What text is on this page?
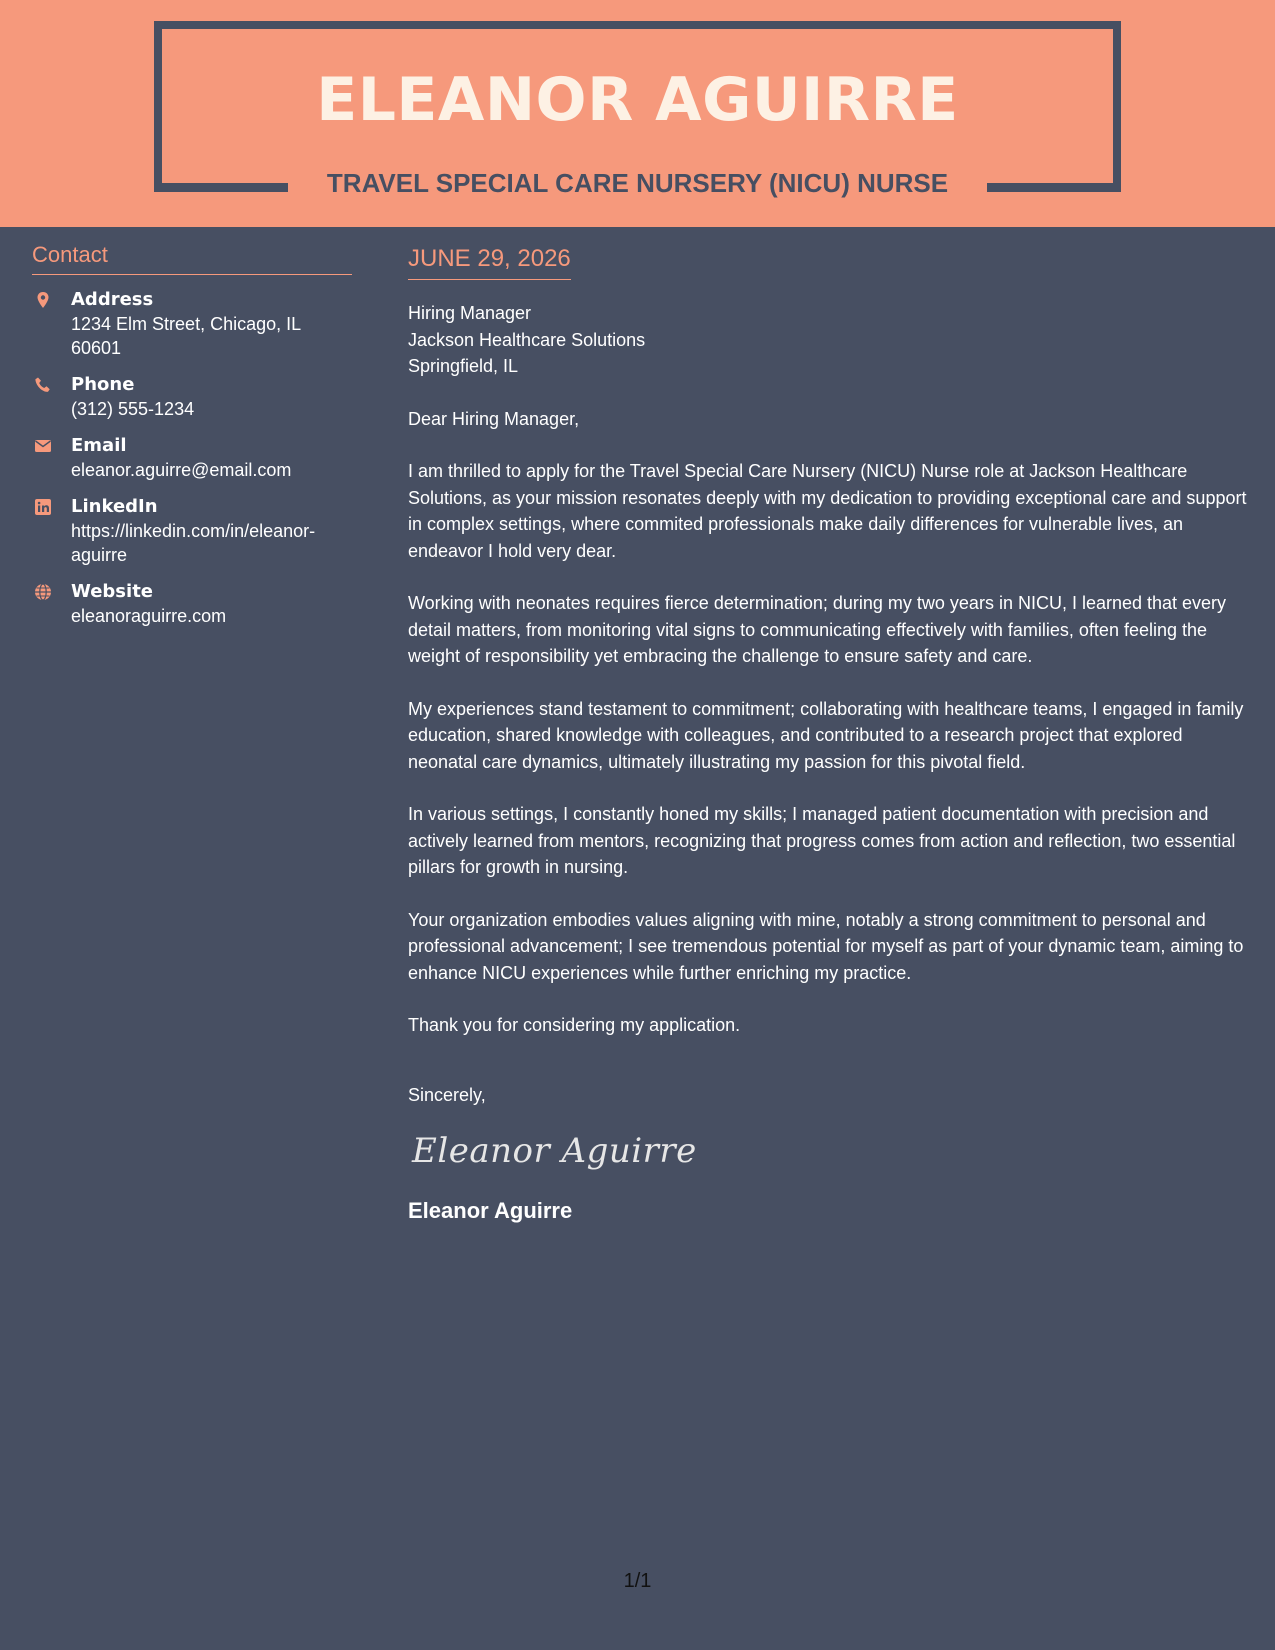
ELEANOR AGUIRRE
TRAVEL SPECIAL CARE NURSERY (NICU) NURSE
Contact
Address
1234 Elm Street, Chicago, IL 60601
Phone
(312) 555-1234
Email
eleanor.aguirre@email.com
LinkedIn
https://linkedin.com/in/eleanor-aguirre
Website
eleanoraguirre.com
JUNE 29, 2026
Hiring Manager
Jackson Healthcare Solutions
Springfield, IL
Dear Hiring Manager,

I am thrilled to apply for the Travel Special Care Nursery (NICU) Nurse role at Jackson Healthcare Solutions, as your mission resonates deeply with my dedication to providing exceptional care and support in complex settings, where commited professionals make daily differences for vulnerable lives, an endeavor I hold very dear.

Working with neonates requires fierce determination; during my two years in NICU, I learned that every detail matters, from monitoring vital signs to communicating effectively with families, often feeling the weight of responsibility yet embracing the challenge to ensure safety and care.

My experiences stand testament to commitment; collaborating with healthcare teams, I engaged in family education, shared knowledge with colleagues, and contributed to a research project that explored neonatal care dynamics, ultimately illustrating my passion for this pivotal field.

In various settings, I constantly honed my skills; I managed patient documentation with precision and actively learned from mentors, recognizing that progress comes from action and reflection, two essential pillars for growth in nursing.

Your organization embodies values aligning with mine, notably a strong commitment to personal and professional advancement; I see tremendous potential for myself as part of your dynamic team, aiming to enhance NICU experiences while further enriching my practice.

Thank you for considering my application.

Sincerely,
Eleanor Aguirre
Eleanor Aguirre
1/1
